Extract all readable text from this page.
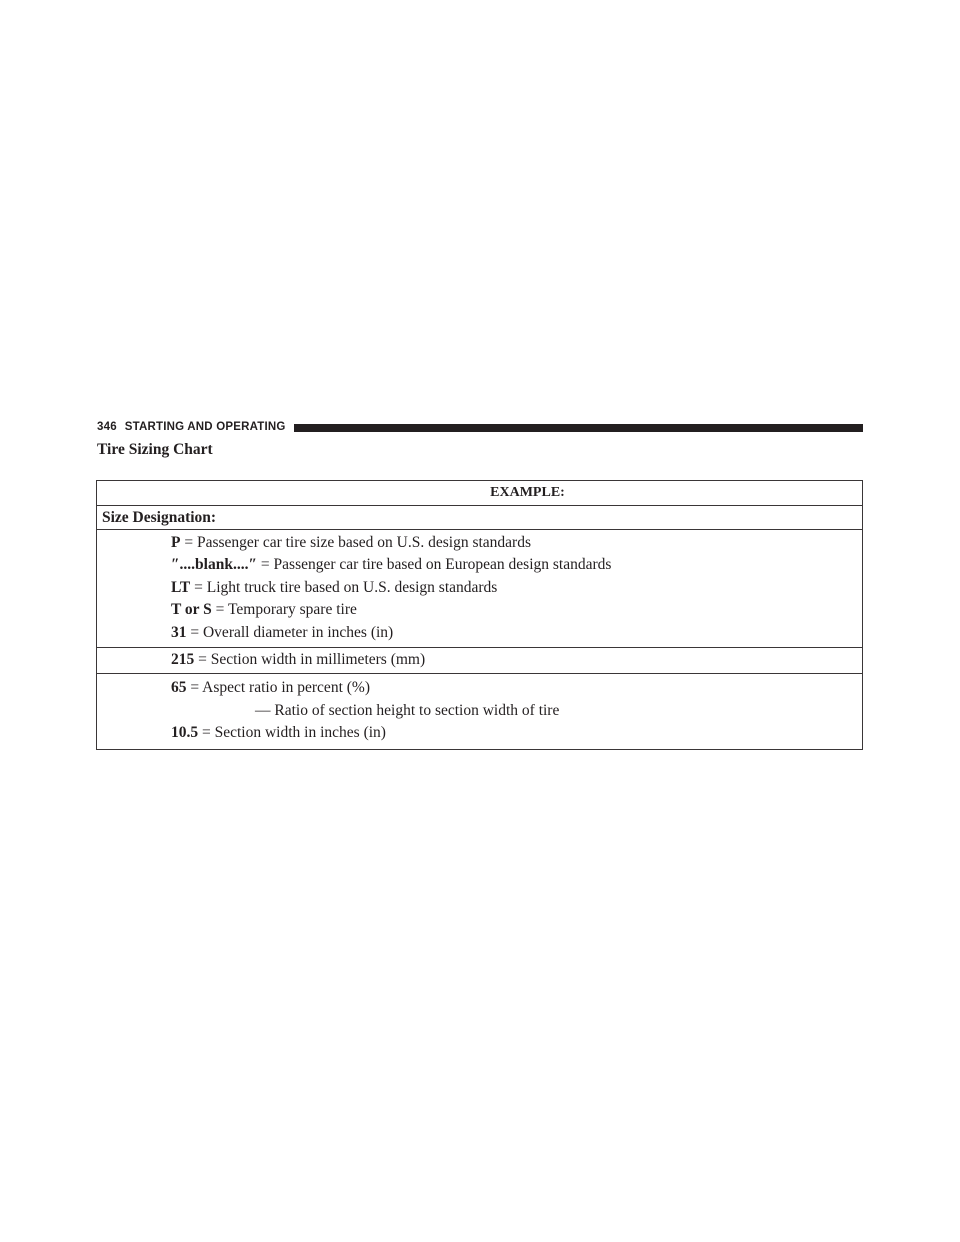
346 STARTING AND OPERATING
Tire Sizing Chart
EXAMPLE:
Size Designation:

P = Passenger car tire size based on U.S. design standards
″....blank....″ = Passenger car tire based on European design standards
LT = Light truck tire based on U.S. design standards
T or S = Temporary spare tire
31 = Overall diameter in inches (in)

215 = Section width in millimeters (mm)

65 = Aspect ratio in percent (%)
— Ratio of section height to section width of tire
10.5 = Section width in inches (in)
